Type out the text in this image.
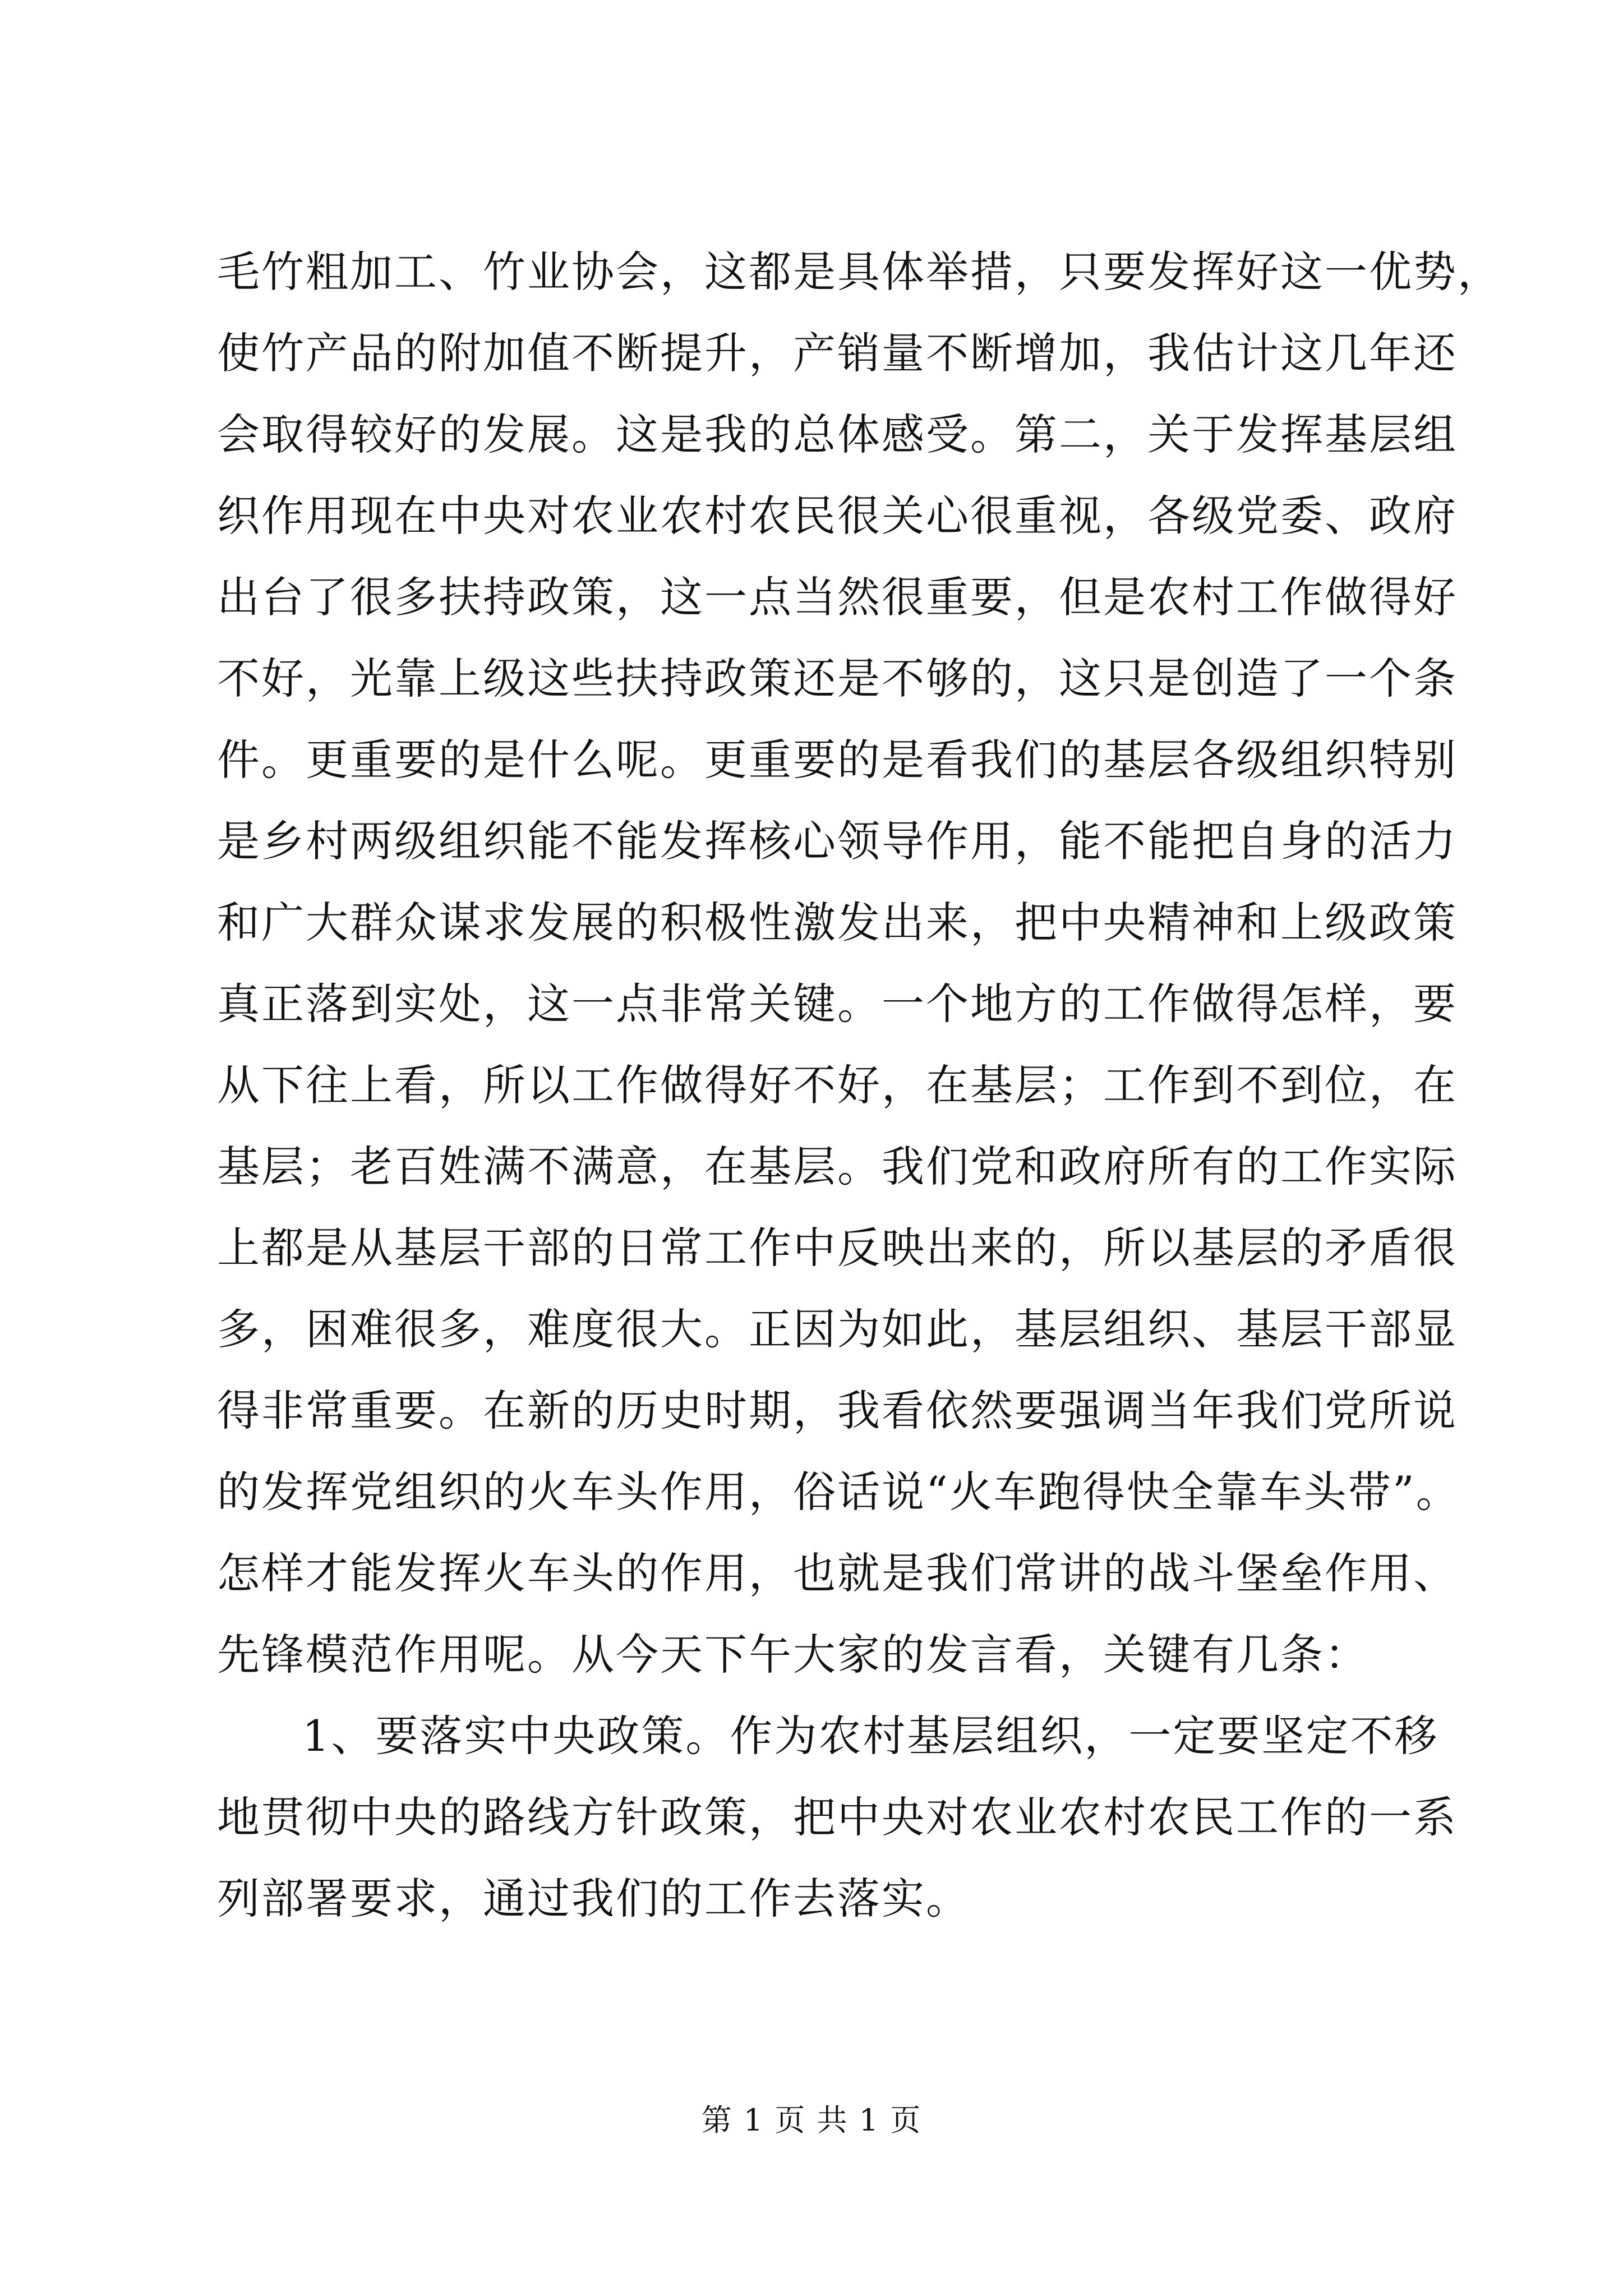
毛竹粗加工、竹业协会，这都是具体举措，只要发挥好这一优势，
使竹产品的附加值不断提升，产销量不断增加，我估计这几年还
会取得较好的发展。这是我的总体感受。第二，关于发挥基层组
织作用现在中央对农业农村农民很关心很重视，各级党委、政府
出台了很多扶持政策，这一点当然很重要，但是农村工作做得好
不好，光靠上级这些扶持政策还是不够的，这只是创造了一个条
件。更重要的是什么呢。更重要的是看我们的基层各级组织特别
是乡村两级组织能不能发挥核心领导作用，能不能把自身的活力
和广大群众谋求发展的积极性激发出来，把中央精神和上级政策
真正落到实处，这一点非常关键。一个地方的工作做得怎样，要
从下往上看，所以工作做得好不好，在基层；工作到不到位，在
基层；老百姓满不满意，在基层。我们党和政府所有的工作实际
上都是从基层干部的日常工作中反映出来的，所以基层的矛盾很
多，困难很多，难度很大。正因为如此，基层组织、基层干部显
得非常重要。在新的历史时期，我看依然要强调当年我们党所说
的发挥党组织的火车头作用，俗话说“火车跑得快全靠车头带”。
怎样才能发挥火车头的作用，也就是我们常讲的战斗堡垒作用、
先锋模范作用呢。从今天下午大家的发言看，关键有几条：
1、要落实中央政策。作为农村基层组织，一定要坚定不移
地贯彻中央的路线方针政策，把中央对农业农村农民工作的一系
列部署要求，通过我们的工作去落实。
第 1 页 共 1 页
